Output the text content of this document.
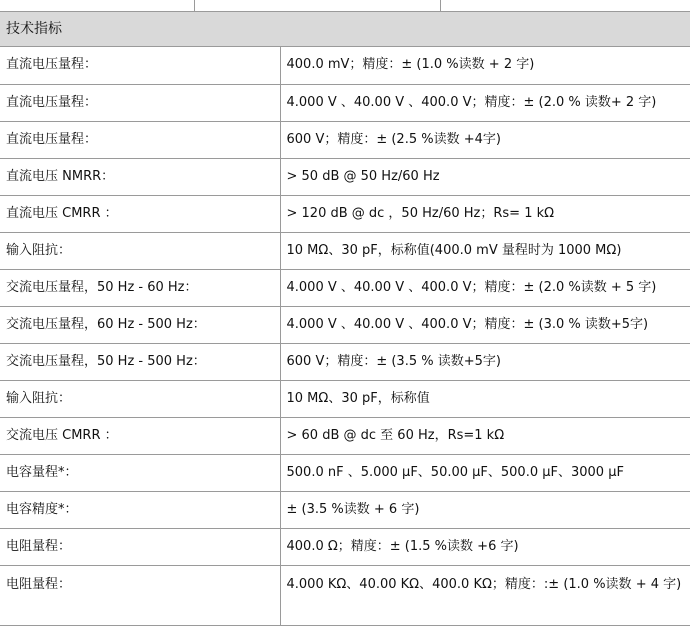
技术指标
直流电压量程：	400.0 mV；精度：± (1.0 %读数 + 2 字)
直流电压量程：	4.000 V 、40.00 V 、400.0 V；精度：± (2.0 % 读数+ 2 字)
直流电压量程：	600 V；精度：± (2.5 %读数 +4字)
直流电压 NMRR：	> 50 dB @ 50 Hz/60 Hz
直流电压 CMRR ：	> 120 dB @ dc ，50 Hz/60 Hz；Rs= 1 kΩ
输入阻抗：	10 MΩ、30 pF，标称值(400.0 mV 量程时为 1000 MΩ)
交流电压量程，50 Hz - 60 Hz：	4.000 V 、40.00 V 、400.0 V；精度：± (2.0 %读数 + 5 字)
交流电压量程，60 Hz - 500 Hz：	4.000 V 、40.00 V 、400.0 V；精度：± (3.0 % 读数+5字)
交流电压量程，50 Hz - 500 Hz：	600 V；精度：± (3.5 % 读数+5字)
输入阻抗：	10 MΩ、30 pF，标称值
交流电压 CMRR ：	> 60 dB @ dc 至 60 Hz，Rs=1 kΩ
电容量程*：	500.0 nF 、5.000 μF、50.00 μF、500.0 μF、3000 μF
电容精度*：	± (3.5 %读数 + 6 字)
电阻量程：	400.0 Ω；精度：± (1.5 %读数 +6 字)
电阻量程：	4.000 KΩ、40.00 KΩ、400.0 KΩ；精度：:± (1.0 %读数 + 4 字)
